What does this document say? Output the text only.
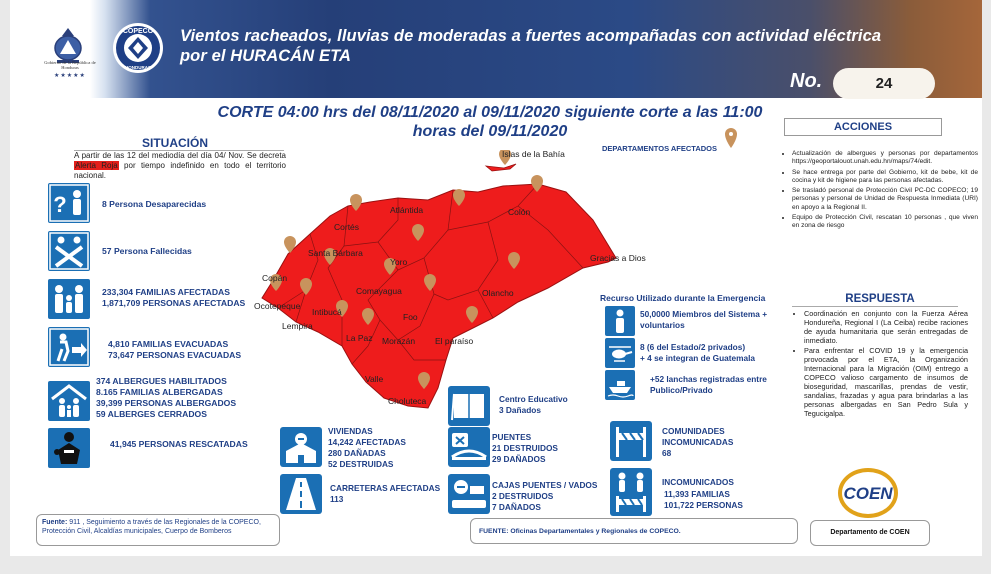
Gobierno de la República de Honduras
★★★★★
COPECO
HONDURAS
Vientos racheados, lluvias de moderadas a fuertes acompañadas con actividad eléctrica por el HURACÁN ETA
No.	24
CORTE 04:00 hrs del 08/11/2020 al 09/11/2020 siguiente corte a las 11:00 horas del 09/11/2020
SITUACIÓN
A partir de las 12 del mediodía del día 04/ Nov. Se decreta Alerta Roja por tiempo indefinido en todo el territorio nacional.
?	8 Persona Desaparecidas
57 Persona Fallecidas
233,304 FAMILIAS AFECTADAS
1,871,709 PERSONAS AFECTADAS
4,810 FAMILIAS EVACUADAS
73,647 PERSONAS EVACUADAS
374 ALBERGUES HABILITADOS
8.165 FAMILIAS ALBERGADAS
39,399 PERSONAS ALBERGADOS
59 ALBERGES CERRADOS
41,945 PERSONAS RESCATADAS
Islas de la Bahía
Atlántida	Colón
Gracias a Dios
Cortés
Santa Bárbara
Yoro
Olancho
Copán
Ocotepeque
Lempira
Intibucá
Comayagua
La Paz Morazán
Foo
El paraíso
Valle
Choluteca
DEPARTAMENTOS AFECTADOS
ACCIONES
• Actualización de albergues y personas por departamentos https://geoportalouot.unah.edu.hn/maps/74/edit.
• Se hace entrega por parte del Gobierno, kit de bebe, kit de cocina y kit de higiene para las personas afectadas.
• Se trasladó personal de Protección Civil PC-DC COPECO; 19 personas y personal de Unidad de Respuesta Inmediata (URI) en apoyo a la Regional II.
• Equipo de Protección Civil, rescatan 10 personas , que viven en zona de riesgo
RESPUESTA
• Coordinación en conjunto con la Fuerza Aérea Hondureña, Regional I (La Ceiba) recibe raciones de ayuda humanitaria que serán entregadas de inmediato.
• Para enfrentar el COVID 19 y la emergencia provocada por el ETA, la Organización Internacional para la Migración (OIM) entrego a COPECO valioso cargamento de insumos de bioseguridad, mascarillas, prendas de vestir, sandalias, frazadas y agua para brindarlas a las personas albergadas en San Pedro Sula y Tegucigalpa.
Recurso Utilizado durante la Emergencia
50,0000 Miembros del Sistema +
voluntarios
8 (6 del Estado/2 privados)
+ 4 se integran de Guatemala
+52 lanchas registradas entre
Publico/Privado
Centro Educativo
3 Dañados
VIVIENDAS
14,242 AFECTADAS
280 DAÑADAS
52 DESTRUIDAS
PUENTES
21 DESTRUIDOS
29 DAÑADOS
CARRETERAS AFECTADAS
113
CAJAS PUENTES / VADOS
2 DESTRUIDOS
7 DAÑADOS
COMUNIDADES
INCOMUNICADAS
68
INCOMUNICADOS
11,393 FAMILIAS
101,722 PERSONAS
Fuente: 911 , Seguimiento a través de las Regionales de la COPECO, Protección Civil, Alcaldías municipales, Cuerpo de Bomberos	FUENTE: Oficinas Departamentales y Regionales de COPECO.
COEN
Departamento de COEN
